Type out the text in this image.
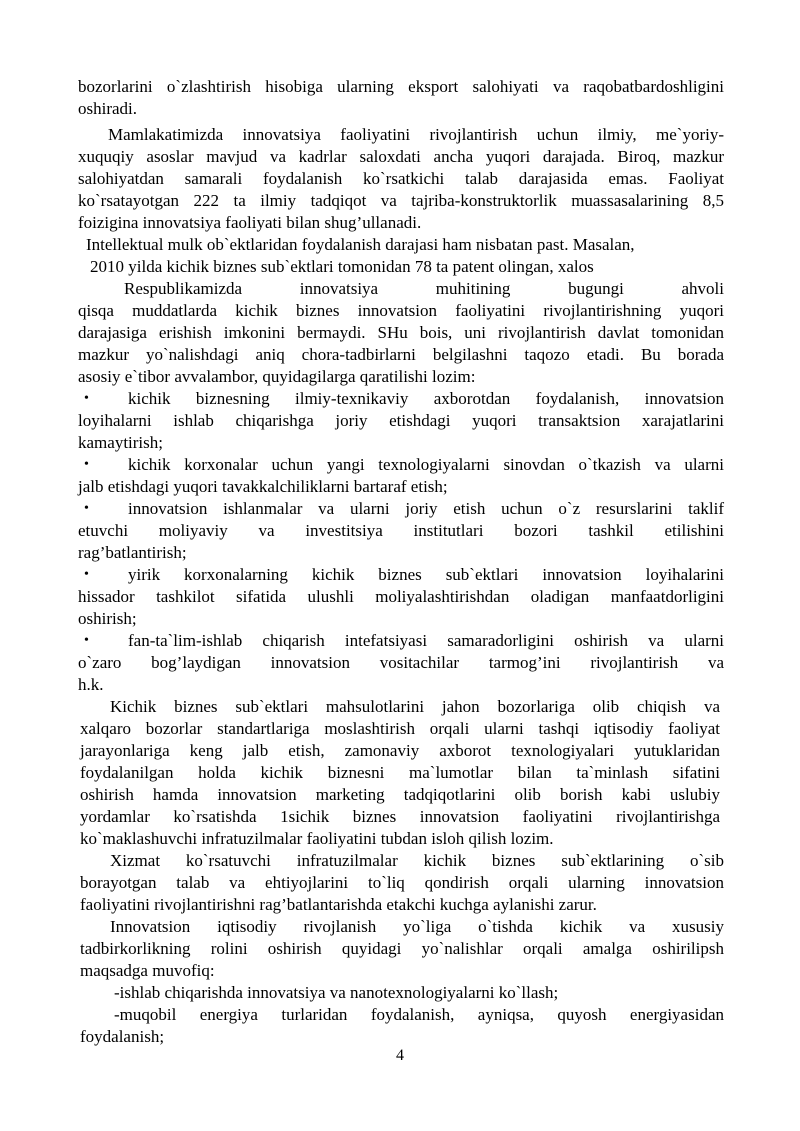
bozorlarini o`zlashtirish hisobiga ularning eksport salohiyati va raqobatbardoshligini
oshiradi.
Mamlakatimizda innovatsiya faoliyatini rivojlantirish uchun ilmiy, me`yoriy-
xuquqiy asoslar mavjud va kadrlar saloxdati ancha yuqori darajada. Biroq, mazkur
salohiyatdan samarali foydalanish ko`rsatkichi talab darajasida emas. Faoliyat
ko`rsatayotgan 222 ta ilmiy tadqiqot va tajriba-konstruktorlik muassasalarining 8,5
foizigina innovatsiya faoliyati bilan shug’ullanadi.
Intellektual mulk ob`ektlaridan foydalanish darajasi ham nisbatan past. Masalan,
2010 yilda kichik biznes sub`ektlari tomonidan 78 ta patent olingan, xalos
Respublikamizda innovatsiya muhitining bugungi ahvoli
qisqa muddatlarda kichik biznes innovatsion faoliyatini rivojlantirishning yuqori
darajasiga erishish imkonini bermaydi. SHu bois, uni rivojlantirish davlat tomonidan
mazkur yo`nalishdagi aniq chora-tadbirlarni belgilashni taqozo etadi. Bu borada
asosiy e`tibor avvalambor, quyidagilarga qaratilishi lozim:
• kichik biznesning ilmiy-texnikaviy axborotdan foydalanish, innovatsion
loyihalarni ishlab chiqarishga joriy etishdagi yuqori transaktsion xarajatlarini
kamaytirish;
• kichik korxonalar uchun yangi texnologiyalarni sinovdan o`tkazish va ularni
jalb etishdagi yuqori tavakkalchiliklarni bartaraf etish;
• innovatsion ishlanmalar va ularni joriy etish uchun o`z resurslarini taklif
etuvchi moliyaviy va investitsiya institutlari bozori tashkil etilishini
rag’batlantirish;
• yirik korxonalarning kichik biznes sub`ektlari innovatsion loyihalarini
hissador tashkilot sifatida ulushli moliyalashtirishdan oladigan manfaatdorligini
oshirish;
• fan-ta`lim-ishlab chiqarish intefatsiyasi samaradorligini oshirish va ularni
o`zaro bog’laydigan innovatsion vositachilar tarmog’ini rivojlantirish va
h.k.
Kichik biznes sub`ektlari mahsulotlarini jahon bozorlariga olib chiqish va
xalqaro bozorlar standartlariga moslashtirish orqali ularni tashqi iqtisodiy faoliyat
jarayonlariga keng jalb etish, zamonaviy axborot texnologiyalari yutuklaridan
foydalanilgan holda kichik biznesni ma`lumotlar bilan ta`minlash sifatini
oshirish hamda innovatsion marketing tadqiqotlarini olib borish kabi uslubiy
yordamlar ko`rsatishda 1sichik biznes innovatsion faoliyatini rivojlantirishga
ko`maklashuvchi infratuzilmalar faoliyatini tubdan isloh qilish lozim.
Xizmat ko`rsatuvchi infratuzilmalar kichik biznes sub`ektlarining o`sib
borayotgan talab va ehtiyojlarini to`liq qondirish orqali ularning innovatsion
faoliyatini rivojlantirishni rag’batlantarishda etakchi kuchga aylanishi zarur.
Innovatsion iqtisodiy rivojlanish yo`liga o`tishda kichik va xususiy
tadbirkorlikning rolini oshirish quyidagi yo`nalishlar orqali amalga oshirilipsh
maqsadga muvofiq:
-ishlab chiqarishda innovatsiya va nanotexnologiyalarni ko`llash;
-muqobil energiya turlaridan foydalanish, ayniqsa, quyosh energiyasidan
foydalanish;
4
